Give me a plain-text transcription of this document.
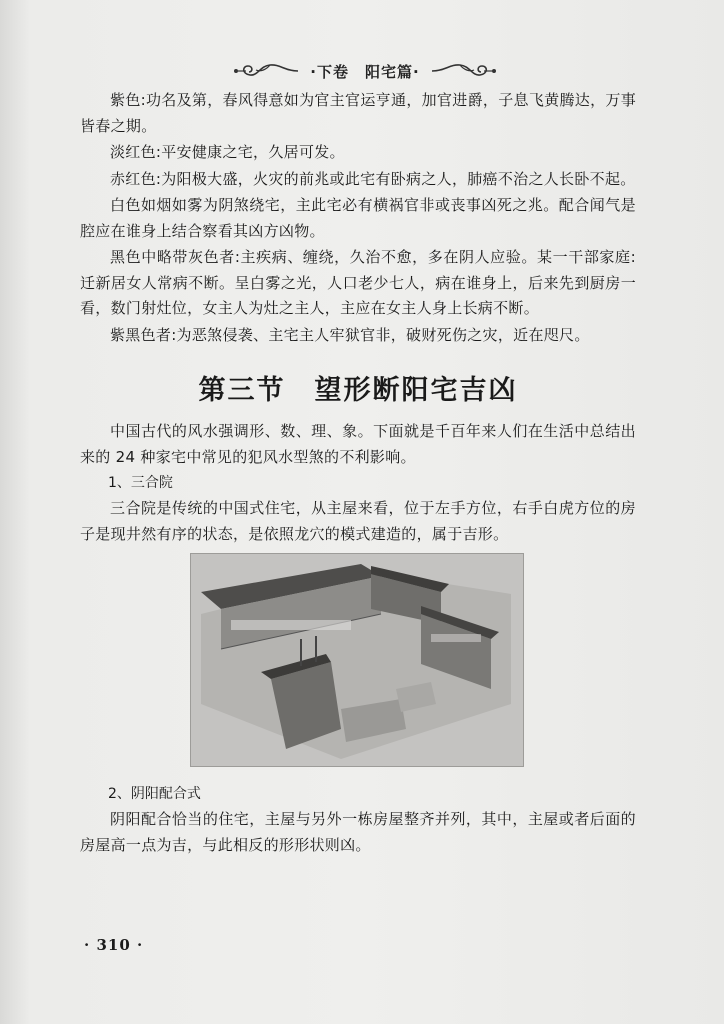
·下卷　阳宅篇·

紫色:功名及第，春风得意如为官主官运亨通，加官进爵，子息飞黄腾达，万事皆春之期。

淡红色:平安健康之宅，久居可发。

赤红色:为阳极大盛，火灾的前兆或此宅有卧病之人，肺癌不治之人长卧不起。

白色如烟如雾为阴煞绕宅，主此宅必有横祸官非或丧事凶死之兆。配合闻气是腔应在谁身上结合察看其凶方凶物。

黑色中略带灰色者:主疾病、缠绕，久治不愈，多在阴人应验。某一干部家庭:迁新居女人常病不断。呈白雾之光，人口老少七人，病在谁身上，后来先到厨房一看，数门射灶位，女主人为灶之主人，主应在女主人身上长病不断。

紫黑色者:为恶煞侵袭、主宅主人牢狱官非，破财死伤之灾，近在咫尺。

第三节　望形断阳宅吉凶

中国古代的风水强调形、数、理、象。下面就是千百年来人们在生活中总结出来的 24 种家宅中常见的犯风水型煞的不利影响。

1、三合院

三合院是传统的中国式住宅，从主屋来看，位于左手方位，右手白虎方位的房子是现井然有序的状态，是依照龙穴的模式建造的，属于吉形。

2、阴阳配合式

阴阳配合恰当的住宅，主屋与另外一栋房屋整齐并列，其中，主屋或者后面的房屋高一点为吉，与此相反的形形状则凶。

· 310 ·
